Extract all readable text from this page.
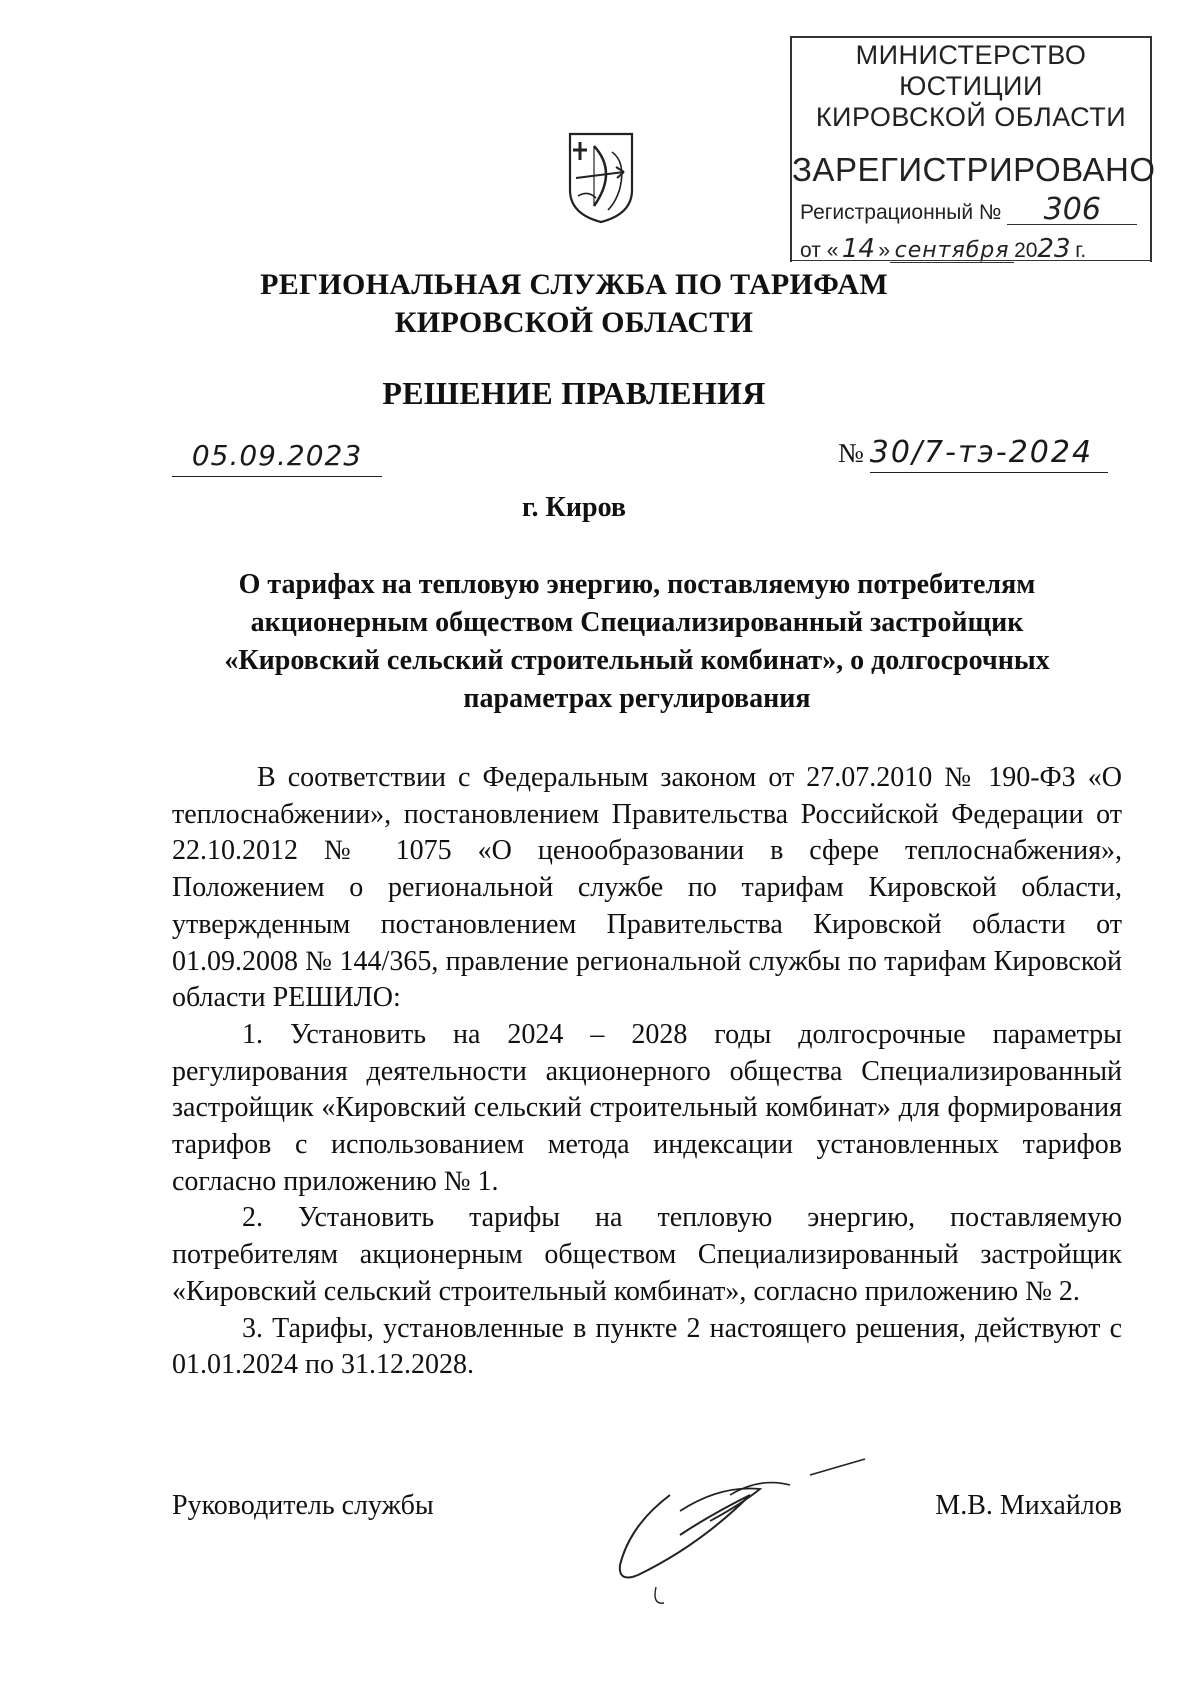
МИНИСТЕРСТВО ЮСТИЦИИ
КИРОВСКОЙ ОБЛАСТИ
ЗАРЕГИСТРИРОВАНО
Регистрационный № 306
от « 14 » сентября 2023 г.
РЕГИОНАЛЬНАЯ СЛУЖБА ПО ТАРИФАМ
КИРОВСКОЙ ОБЛАСТИ
РЕШЕНИЕ ПРАВЛЕНИЯ
05.09.2023	№ 30/7-тэ-2024
г. Киров
О тарифах на тепловую энергию, поставляемую потребителям
акционерным обществом Специализированный застройщик
«Кировский сельский строительный комбинат», о долгосрочных
параметрах регулирования

В соответствии с Федеральным законом от 27.07.2010 № 190-ФЗ «О теплоснабжении», постановлением Правительства Российской Федерации от 22.10.2012 № 1075 «О ценообразовании в сфере теплоснабжения», Положением о региональной службе по тарифам Кировской области, утвержденным постановлением Правительства Кировской области от 01.09.2008 № 144/365, правление региональной службы по тарифам Кировской области РЕШИЛО:

1. Установить на 2024 – 2028 годы долгосрочные параметры регулирования деятельности акционерного общества Специализированный застройщик «Кировский сельский строительный комбинат» для формирования тарифов с использованием метода индексации установленных тарифов согласно приложению № 1.

2. Установить тарифы на тепловую энергию, поставляемую потребителям акционерным обществом Специализированный застройщик «Кировский сельский строительный комбинат», согласно приложению № 2.

3. Тарифы, установленные в пункте 2 настоящего решения, действуют с 01.01.2024 по 31.12.2028.

Руководитель службы	М.В. Михайлов
